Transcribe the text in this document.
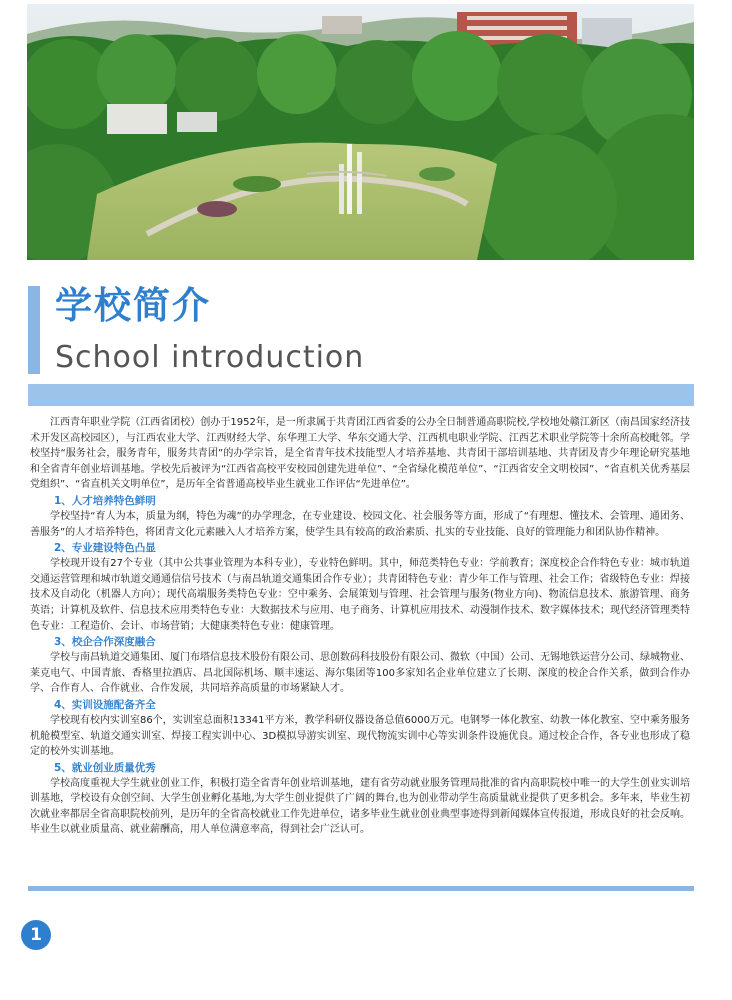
学校简介
School introduction

江西青年职业学院（江西省团校）创办于1952年，是一所隶属于共青团江西省委的公办全日制普通高职院校,学校地处赣江新区（南昌国家经济技术开发区高校园区），与江西农业大学、江西财经大学、东华理工大学、华东交通大学、江西机电职业学院、江西艺术职业学院等十余所高校毗邻。学校坚持“服务社会，服务青年，服务共青团”的办学宗旨，是全省青年技术技能型人才培养基地、共青团干部培训基地、共青团及青少年理论研究基地和全省青年创业培训基地。学校先后被评为“江西省高校平安校园创建先进单位”、“全省绿化模范单位”、“江西省安全文明校园”、“省直机关优秀基层党组织”、“省直机关文明单位”，是历年全省普通高校毕业生就业工作评估“先进单位”。

1、人才培养特色鲜明

学校坚持“育人为本，质量为纲，特色为魂”的办学理念，在专业建设、校园文化、社会服务等方面，形成了“有理想、懂技术、会管理、通团务、善服务”的人才培养特色，将团青文化元素融入人才培养方案，使学生具有较高的政治素质、扎实的专业技能、良好的管理能力和团队协作精神。

2、专业建设特色凸显

学校现开设有27个专业（其中公共事业管理为本科专业），专业特色鲜明。其中，师范类特色专业：学前教育；深度校企合作特色专业：城市轨道交通运营管理和城市轨道交通通信信号技术（与南昌轨道交通集团合作专业）；共青团特色专业：青少年工作与管理、社会工作；省级特色专业：焊接技术及自动化（机器人方向）；现代高端服务类特色专业：空中乘务、会展策划与管理、社会管理与服务(物业方向)、物流信息技术、旅游管理、商务英语；计算机及软件、信息技术应用类特色专业：大数据技术与应用、电子商务、计算机应用技术、动漫制作技术、数字媒体技术；现代经济管理类特色专业：工程造价、会计、市场营销；大健康类特色专业：健康管理。

3、校企合作深度融合

学校与南昌轨道交通集团、厦门布塔信息技术股份有限公司、思创数码科技股份有限公司、微软（中国）公司、无锡地铁运营分公司、绿城物业、莱克电气、中国青旅、香格里拉酒店、昌北国际机场、顺丰速运、海尔集团等100多家知名企业单位建立了长期、深度的校企合作关系，做到合作办学、合作育人、合作就业、合作发展，共同培养高质量的市场紧缺人才。

4、实训设施配备齐全

学校现有校内实训室86个，实训室总面积13341平方米，教学科研仪器设备总值6000万元。电钢琴一体化教室、幼教一体化教室、空中乘务服务机舱模型室、轨道交通实训室、焊接工程实训中心、3D模拟导游实训室、现代物流实训中心等实训条件设施优良。通过校企合作，各专业也形成了稳定的校外实训基地。

5、就业创业质量优秀

学校高度重视大学生就业创业工作，积极打造全省青年创业培训基地，建有省劳动就业服务管理局批准的省内高职院校中唯一的大学生创业实训培训基地，学校设有众创空间、大学生创业孵化基地,为大学生创业提供了广阔的舞台,也为创业带动学生高质量就业提供了更多机会。多年来，毕业生初次就业率都居全省高职院校前列，是历年的全省高校就业工作先进单位，诸多毕业生就业创业典型事迹得到新闻媒体宣传报道，形成良好的社会反响。毕业生以就业质量高、就业薪酬高，用人单位满意率高，得到社会广泛认可。

1
